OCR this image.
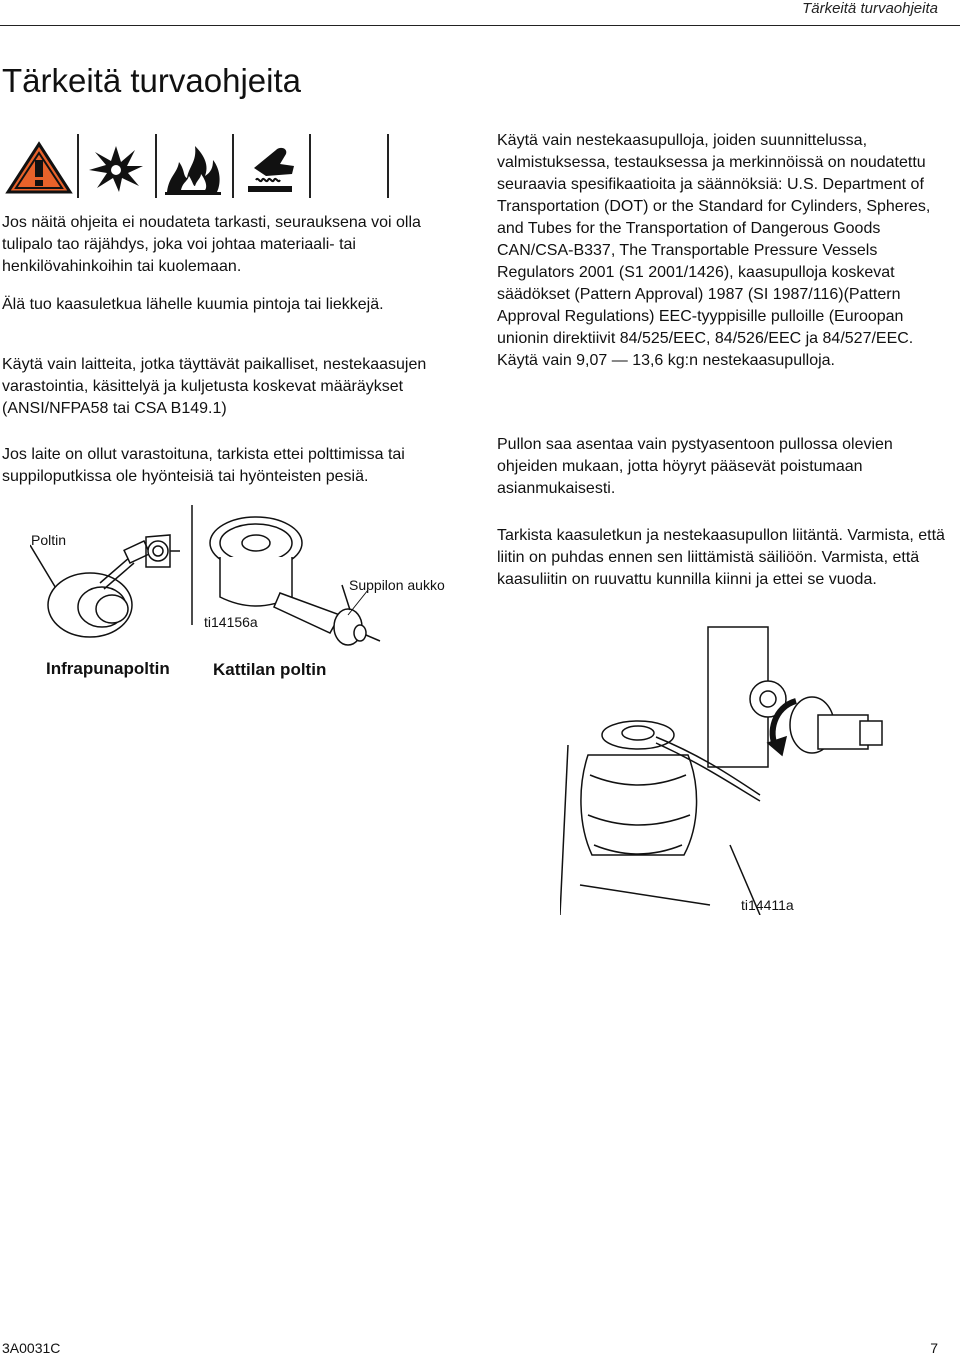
Tärkeitä turvaohjeita
Tärkeitä turvaohjeita

Jos näitä ohjeita ei noudateta tarkasti, seurauksena voi olla tulipalo tao räjähdys, joka voi johtaa materiaali- tai henkilövahinkoihin tai kuolemaan.

Älä tuo kaasuletkua lähelle kuumia pintoja tai liekkejä.

Käytä vain laitteita, jotka täyttävät paikalliset, nestekaasujen varastointia, käsittelyä ja kuljetusta koskevat määräykset (ANSI/NFPA58 tai CSA B149.1)

Jos laite on ollut varastoituna, tarkista ettei polttimissa tai suppiloputkissa ole hyönteisiä tai hyönteisten pesiä.

Käytä vain nestekaasupulloja, joiden suunnittelussa, valmistuksessa, testauksessa ja merkinnöissä on noudatettu seuraavia spesifikaatioita ja säännöksiä: U.S. Department of Transportation (DOT) or the Standard for Cylinders, Spheres, and Tubes for the Transportation of Dangerous Goods CAN/CSA-B337, The Transportable Pressure Vessels Regulators 2001 (S1 2001/1426), kaasupulloja koskevat säädökset (Pattern Approval) 1987 (SI 1987/116)(Pattern Approval Regulations) EEC-tyyppisille pulloille (Euroopan unionin direktiivit 84/525/EEC, 84/526/EEC ja 84/527/EEC. Käytä vain 9,07 — 13,6 kg:n nestekaasupulloja.

Pullon saa asentaa vain pystyasentoon pullossa olevien ohjeiden mukaan, jotta höyryt pääsevät poistumaan asianmukaisesti.

Tarkista kaasuletkun ja nestekaasupullon liitäntä. Varmista, että liitin on puhdas ennen sen liittämistä säiliöön. Varmista, että kaasuliitin on ruuvattu kunnilla kiinni ja ettei se vuoda.

Poltin
Suppilon aukko
ti14156a
Infrapunapoltin	Kattilan poltin
ti14411a
3A0031C	7
